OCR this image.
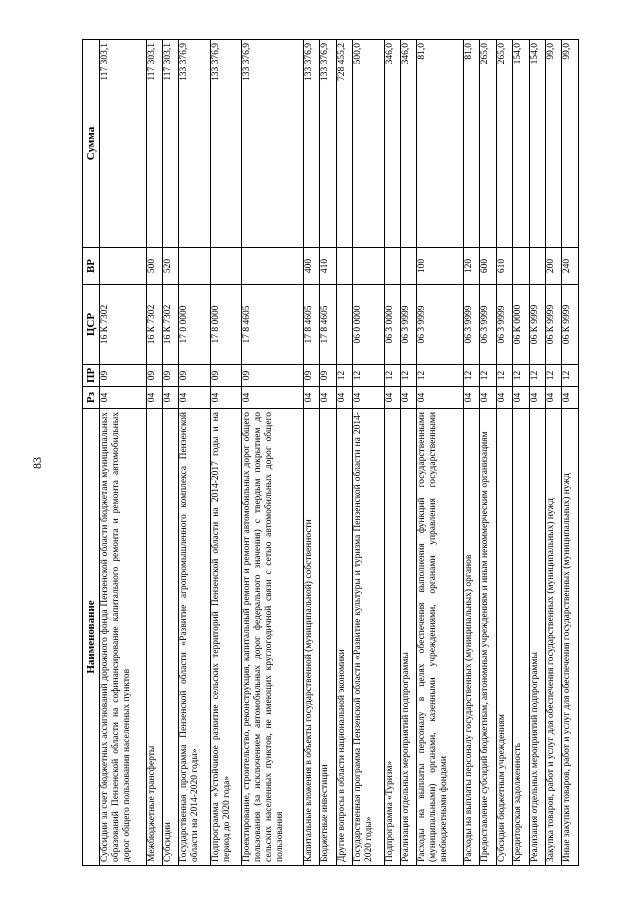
83
Наименование	Рз	ПР	ЦСР	ВР	Сумма
Субсидии за счет бюджетных ассигнований дорожного фонда Пензенской области бюджетам муниципальных образований Пензенской области на софинансирование капитального ремонта и ремонта автомобильных дорог общего пользования населенных пунктов	04	09	16 К 7302		117 303,1
Межбюджетные трансферты	04	09	16 К 7302	500	117 303,1
Субсидии	04	09	16 К 7302	520	117 303,1
Государственная программа Пензенской области «Развитие агропромышленного комплекса Пензенской области на 2014-2020 годы»	04	09	17 0 0000		133 376,9
Подпрограмма «Устойчивое развитие сельских территорий Пензенской области на 2014-2017 годы и на период до 2020 года»	04	09	17 8 0000		133 376,9
Проектирование, строительство, реконструкция, капитальный ремонт и ремонт автомобильных дорог общего пользования (за исключением автомобильных дорог федерального значения) с твердым покрытием до сельских населенных пунктов, не имеющих круглогодичной связи с сетью автомобильных дорог общего пользования	04	09	17 8 4605		133 376,9
Капитальные вложения в объекты государственной (муниципальной) собственности	04	09	17 8 4605	400	133 376,9
Бюджетные инвестиции	04	09	17 8 4605	410	133 376,9
Другие вопросы в области национальной экономики	04	12			728 455,2
Государственная программа Пензенской области «Развитие культуры и туризма Пензенской области на 2014-2020 годы»	04	12	06 0 0000		500,0
Подпрограмма «Туризм»	04	12	06 3 0000		346,0
Реализация отдельных мероприятий подпрограммы	04	12	06 3 9999		346,0
Расходы на выплаты персоналу в целях обеспечения выполнения функций государственными (муниципальными) органами, казенными учреждениями, органами управления государственными внебюджетными фондами	04	12	06 3 9999	100	81,0
Расходы на выплаты персоналу государственных (муниципальных) органов	04	12	06 3 9999	120	81,0
Предоставление субсидий бюджетным, автономным учреждениям и иным некоммерческим организациям	04	12	06 3 9999	600	265,0
Субсидии бюджетным учреждениям	04	12	06 3 9999	610	265,0
Кредиторская задолженность	04	12	06 К 0000		154,0
Реализация отдельных мероприятий подпрограммы	04	12	06 К 9999		154,0
Закупка товаров, работ и услуг для обеспечения государственных (муниципальных) нужд	04	12	06 К 9999	200	99,0
Иные закупки товаров, работ и услуг для обеспечения государственных (муниципальных) нужд	04	12	06 К 9999	240	99,0
